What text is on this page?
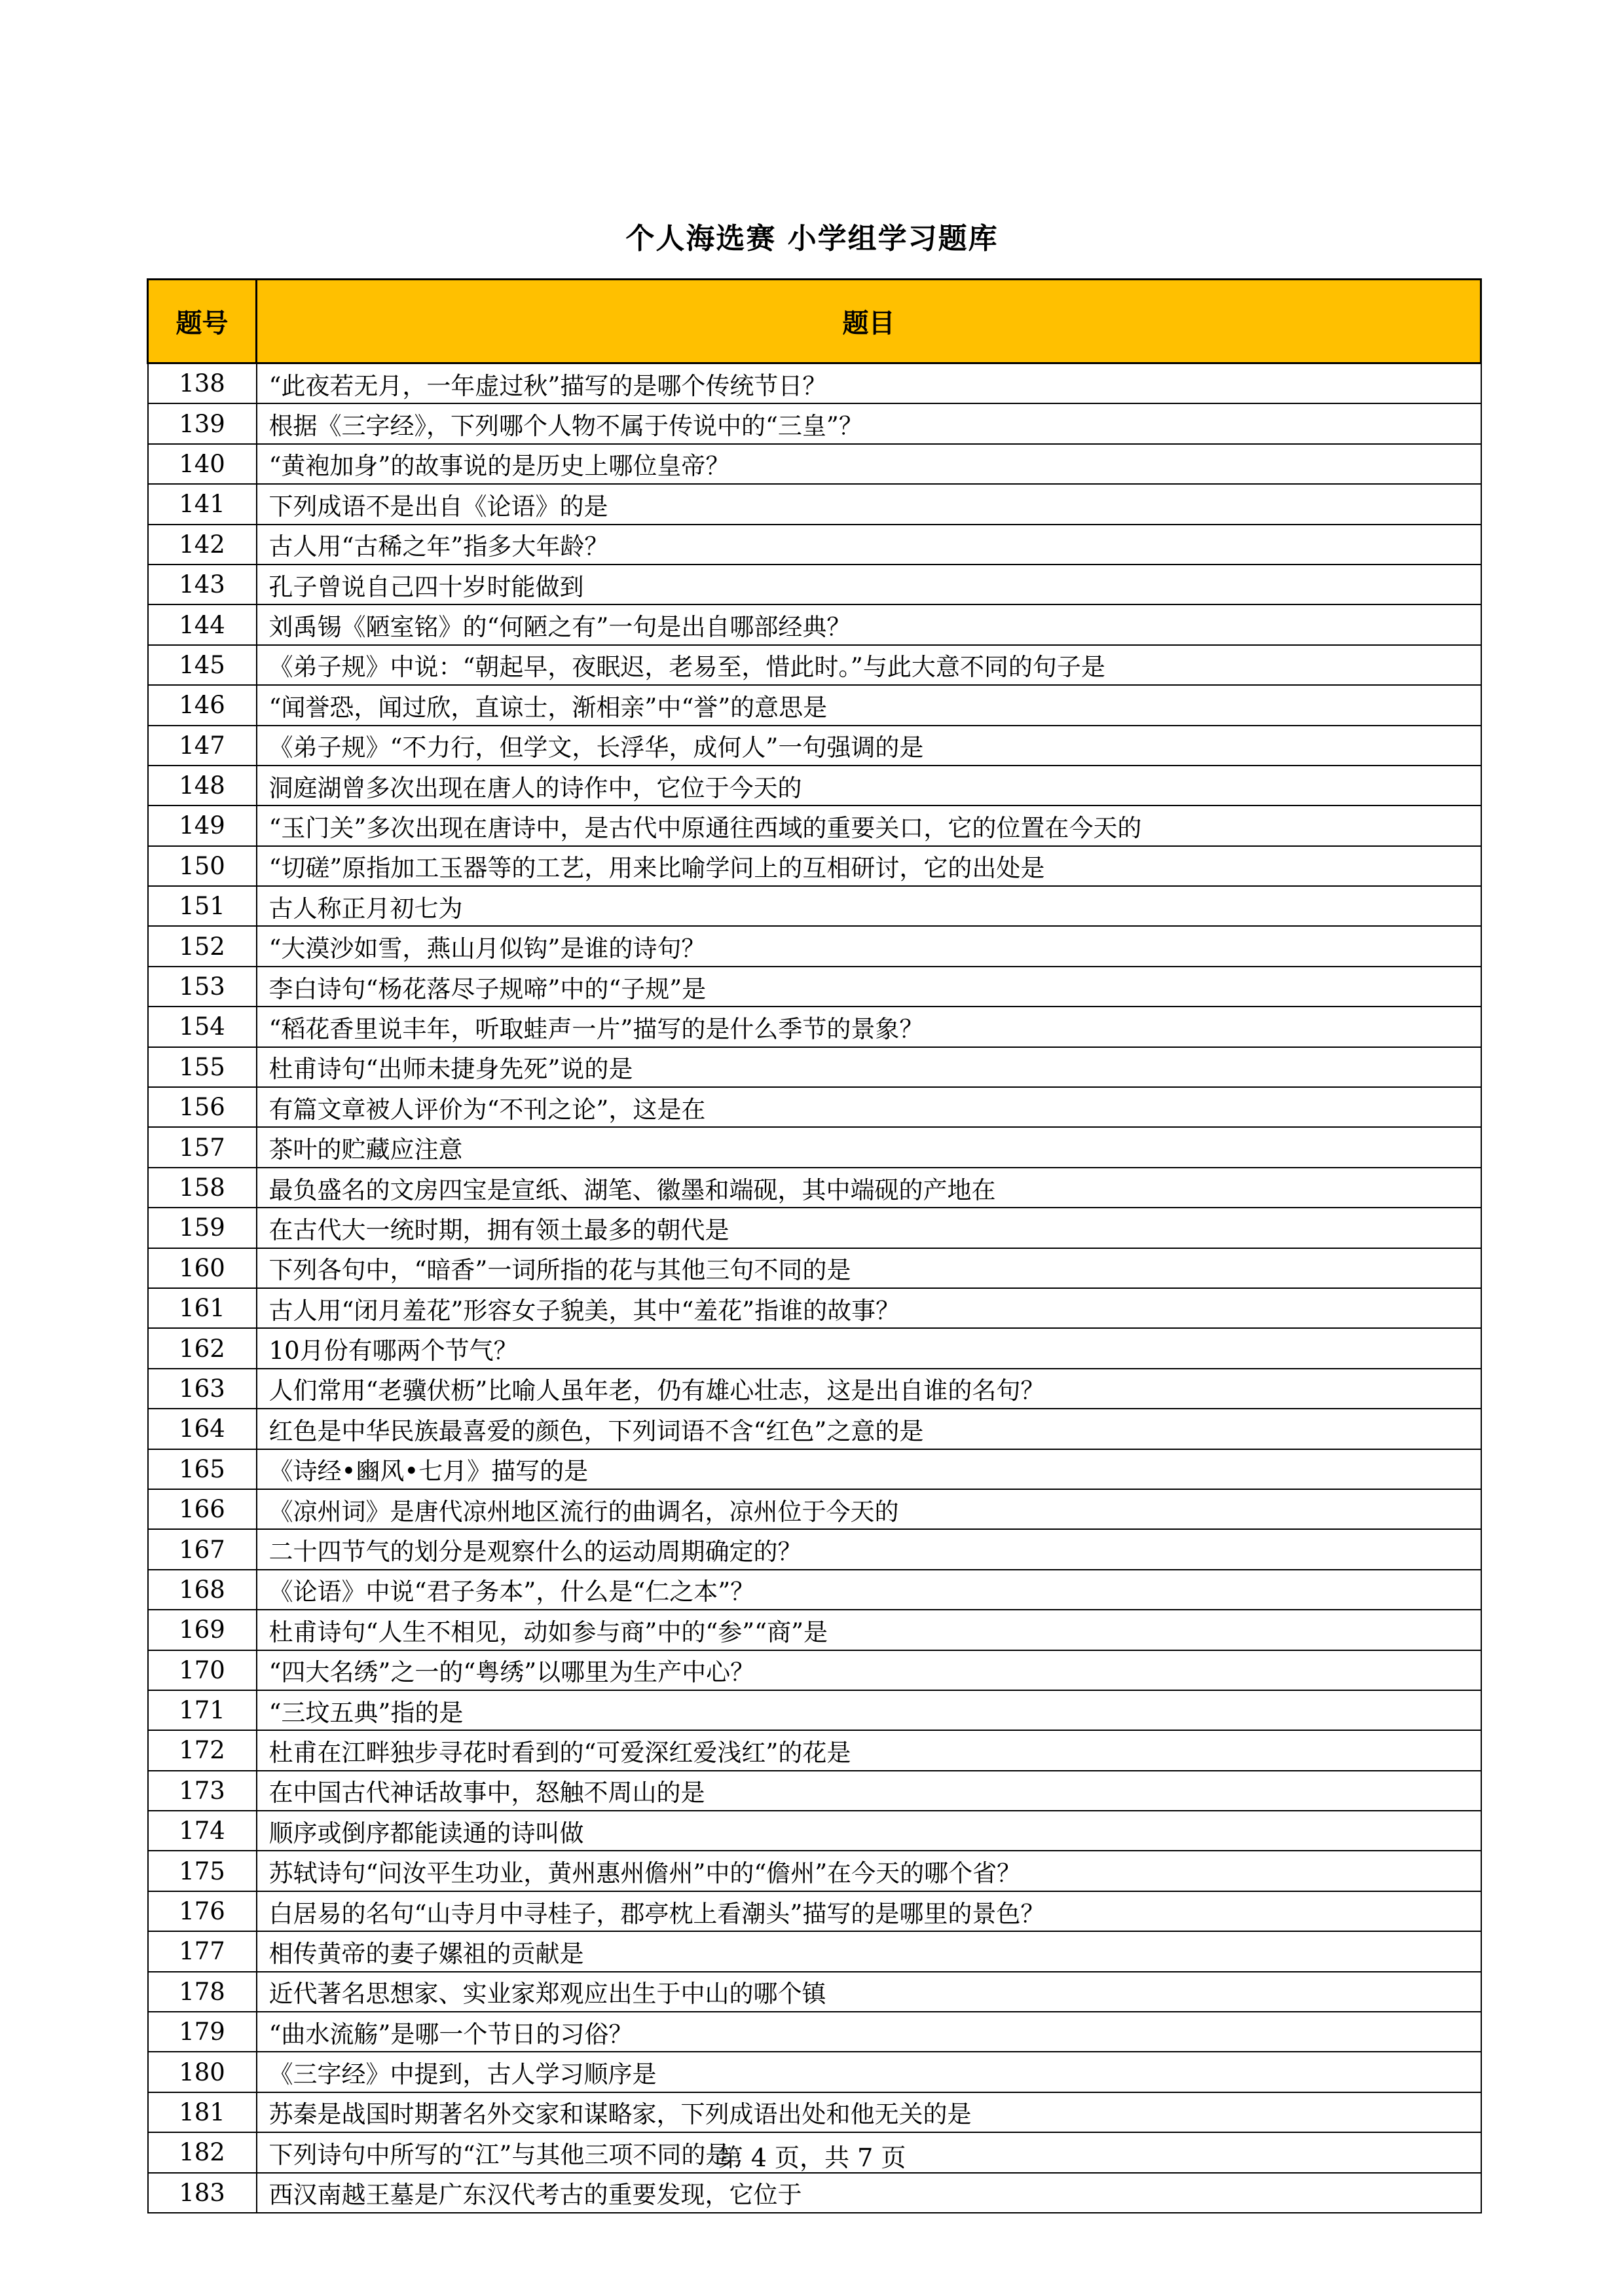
个人海选赛 小学组学习题库
题号	题目
138	“此夜若无月，一年虚过秋”描写的是哪个传统节日？
139	根据《三字经》，下列哪个人物不属于传说中的“三皇”？
140	“黄袍加身”的故事说的是历史上哪位皇帝？
141	下列成语不是出自《论语》的是
142	古人用“古稀之年”指多大年龄？
143	孔子曾说自己四十岁时能做到
144	刘禹锡《陋室铭》的“何陋之有”一句是出自哪部经典？
145	《弟子规》中说：“朝起早，夜眠迟，老易至，惜此时。”与此大意不同的句子是
146	“闻誉恐，闻过欣，直谅士，渐相亲”中“誉”的意思是
147	《弟子规》“不力行，但学文，长浮华，成何人”一句强调的是
148	洞庭湖曾多次出现在唐人的诗作中，它位于今天的
149	“玉门关”多次出现在唐诗中，是古代中原通往西域的重要关口，它的位置在今天的
150	“切磋”原指加工玉器等的工艺，用来比喻学问上的互相研讨，它的出处是
151	古人称正月初七为
152	“大漠沙如雪，燕山月似钩”是谁的诗句？
153	李白诗句“杨花落尽子规啼”中的“子规”是
154	“稻花香里说丰年，听取蛙声一片”描写的是什么季节的景象？
155	杜甫诗句“出师未捷身先死”说的是
156	有篇文章被人评价为“不刊之论”，这是在
157	茶叶的贮藏应注意
158	最负盛名的文房四宝是宣纸、湖笔、徽墨和端砚，其中端砚的产地在
159	在古代大一统时期，拥有领土最多的朝代是
160	下列各句中，“暗香”一词所指的花与其他三句不同的是
161	古人用“闭月羞花”形容女子貌美，其中“羞花”指谁的故事？
162	10月份有哪两个节气？
163	人们常用“老骥伏枥”比喻人虽年老，仍有雄心壮志，这是出自谁的名句？
164	红色是中华民族最喜爱的颜色，下列词语不含“红色”之意的是
165	《诗经•豳风•七月》描写的是
166	《凉州词》是唐代凉州地区流行的曲调名，凉州位于今天的
167	二十四节气的划分是观察什么的运动周期确定的？
168	《论语》中说“君子务本”，什么是“仁之本”？
169	杜甫诗句“人生不相见，动如参与商”中的“参”“商”是
170	“四大名绣”之一的“粤绣”以哪里为生产中心？
171	“三坟五典”指的是
172	杜甫在江畔独步寻花时看到的“可爱深红爱浅红”的花是
173	在中国古代神话故事中，怒触不周山的是
174	顺序或倒序都能读通的诗叫做
175	苏轼诗句“问汝平生功业，黄州惠州儋州”中的“儋州”在今天的哪个省？
176	白居易的名句“山寺月中寻桂子，郡亭枕上看潮头”描写的是哪里的景色？
177	相传黄帝的妻子嫘祖的贡献是
178	近代著名思想家、实业家郑观应出生于中山的哪个镇
179	“曲水流觞”是哪一个节日的习俗？
180	《三字经》中提到，古人学习顺序是
181	苏秦是战国时期著名外交家和谋略家，下列成语出处和他无关的是
182	下列诗句中所写的“江”与其他三项不同的是
183	西汉南越王墓是广东汉代考古的重要发现，它位于
第 4 页，共 7 页
